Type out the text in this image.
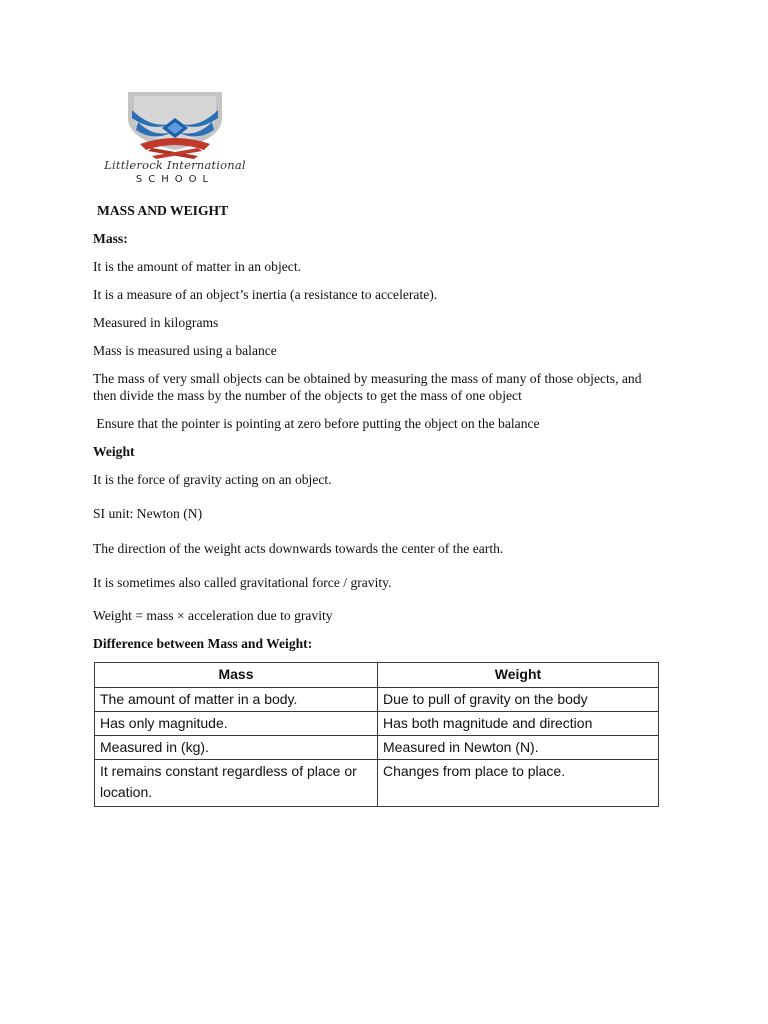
Littlerock International
SCHOOL
MASS AND WEIGHT
Mass:
It is the amount of matter in an object.
It is a measure of an object’s inertia (a resistance to accelerate).
Measured in kilograms
Mass is measured using a balance
The mass of very small objects can be obtained by measuring the mass of many of those objects, and then divide the mass by the number of the objects to get the mass of one object
Ensure that the pointer is pointing at zero before putting the object on the balance
Weight
It is the force of gravity acting on an object.
SI unit: Newton (N)
The direction of the weight acts downwards towards the center of the earth.
It is sometimes also called gravitational force / gravity.
Weight = mass × acceleration due to gravity
Difference between Mass and Weight:
Mass	Weight
The amount of matter in a body.	Due to pull of gravity on the body
Has only magnitude.	Has both magnitude and direction
Measured in (kg).	Measured in Newton (N).
It remains constant regardless of place or location.	Changes from place to place.
